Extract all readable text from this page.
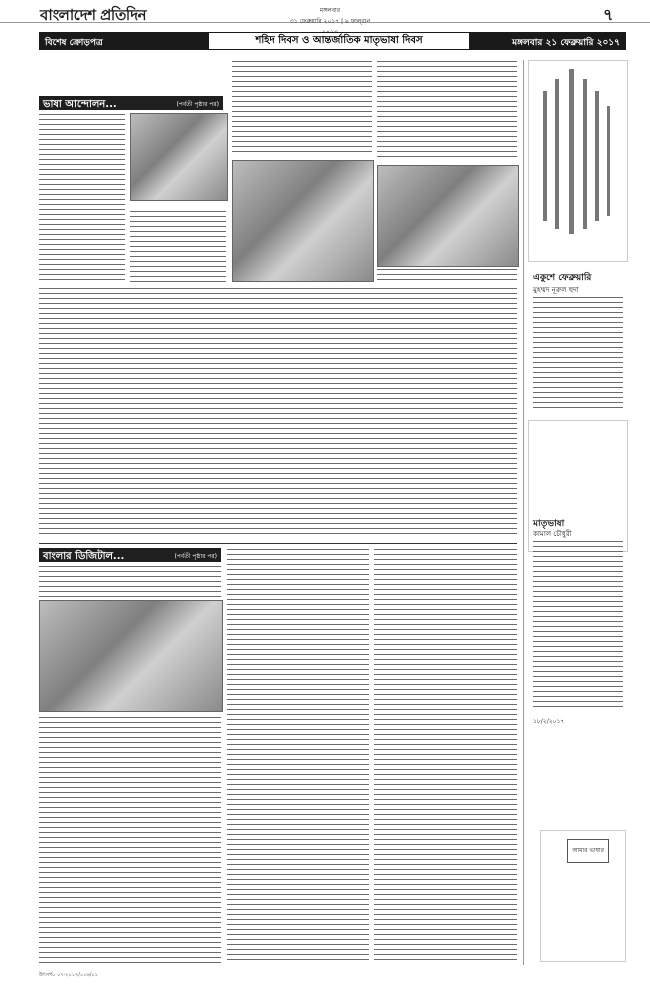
বাংলাদেশ প্রতিদিন	মঙ্গলবার
৩১ ফেব্রুয়ারি ২০১৭ | ৯ ফাল্গুন	৭
বিশেষ ক্রোড়পত্র	শহিদ দিবস ও আন্তর্জাতিক মাতৃভাষা দিবস	মঙ্গলবার ২১ ফেব্রুয়ারি ২০১৭
ভাষা আন্দোলন...	(পর্বতী পৃষ্ঠার পর)
বাংলার ডিজিটাল...	(পর্বতী পৃষ্ঠার পর)
একুশে ফেব্রুয়ারি
মুহম্মদ নূরুল হুদা
মাতৃভাষা
কামাল চৌধুরী
১৮/২/২০১৭
আমার ভাষার
উৎসৰ্গ০ ০৭-২০১৭/০১৬/০১
